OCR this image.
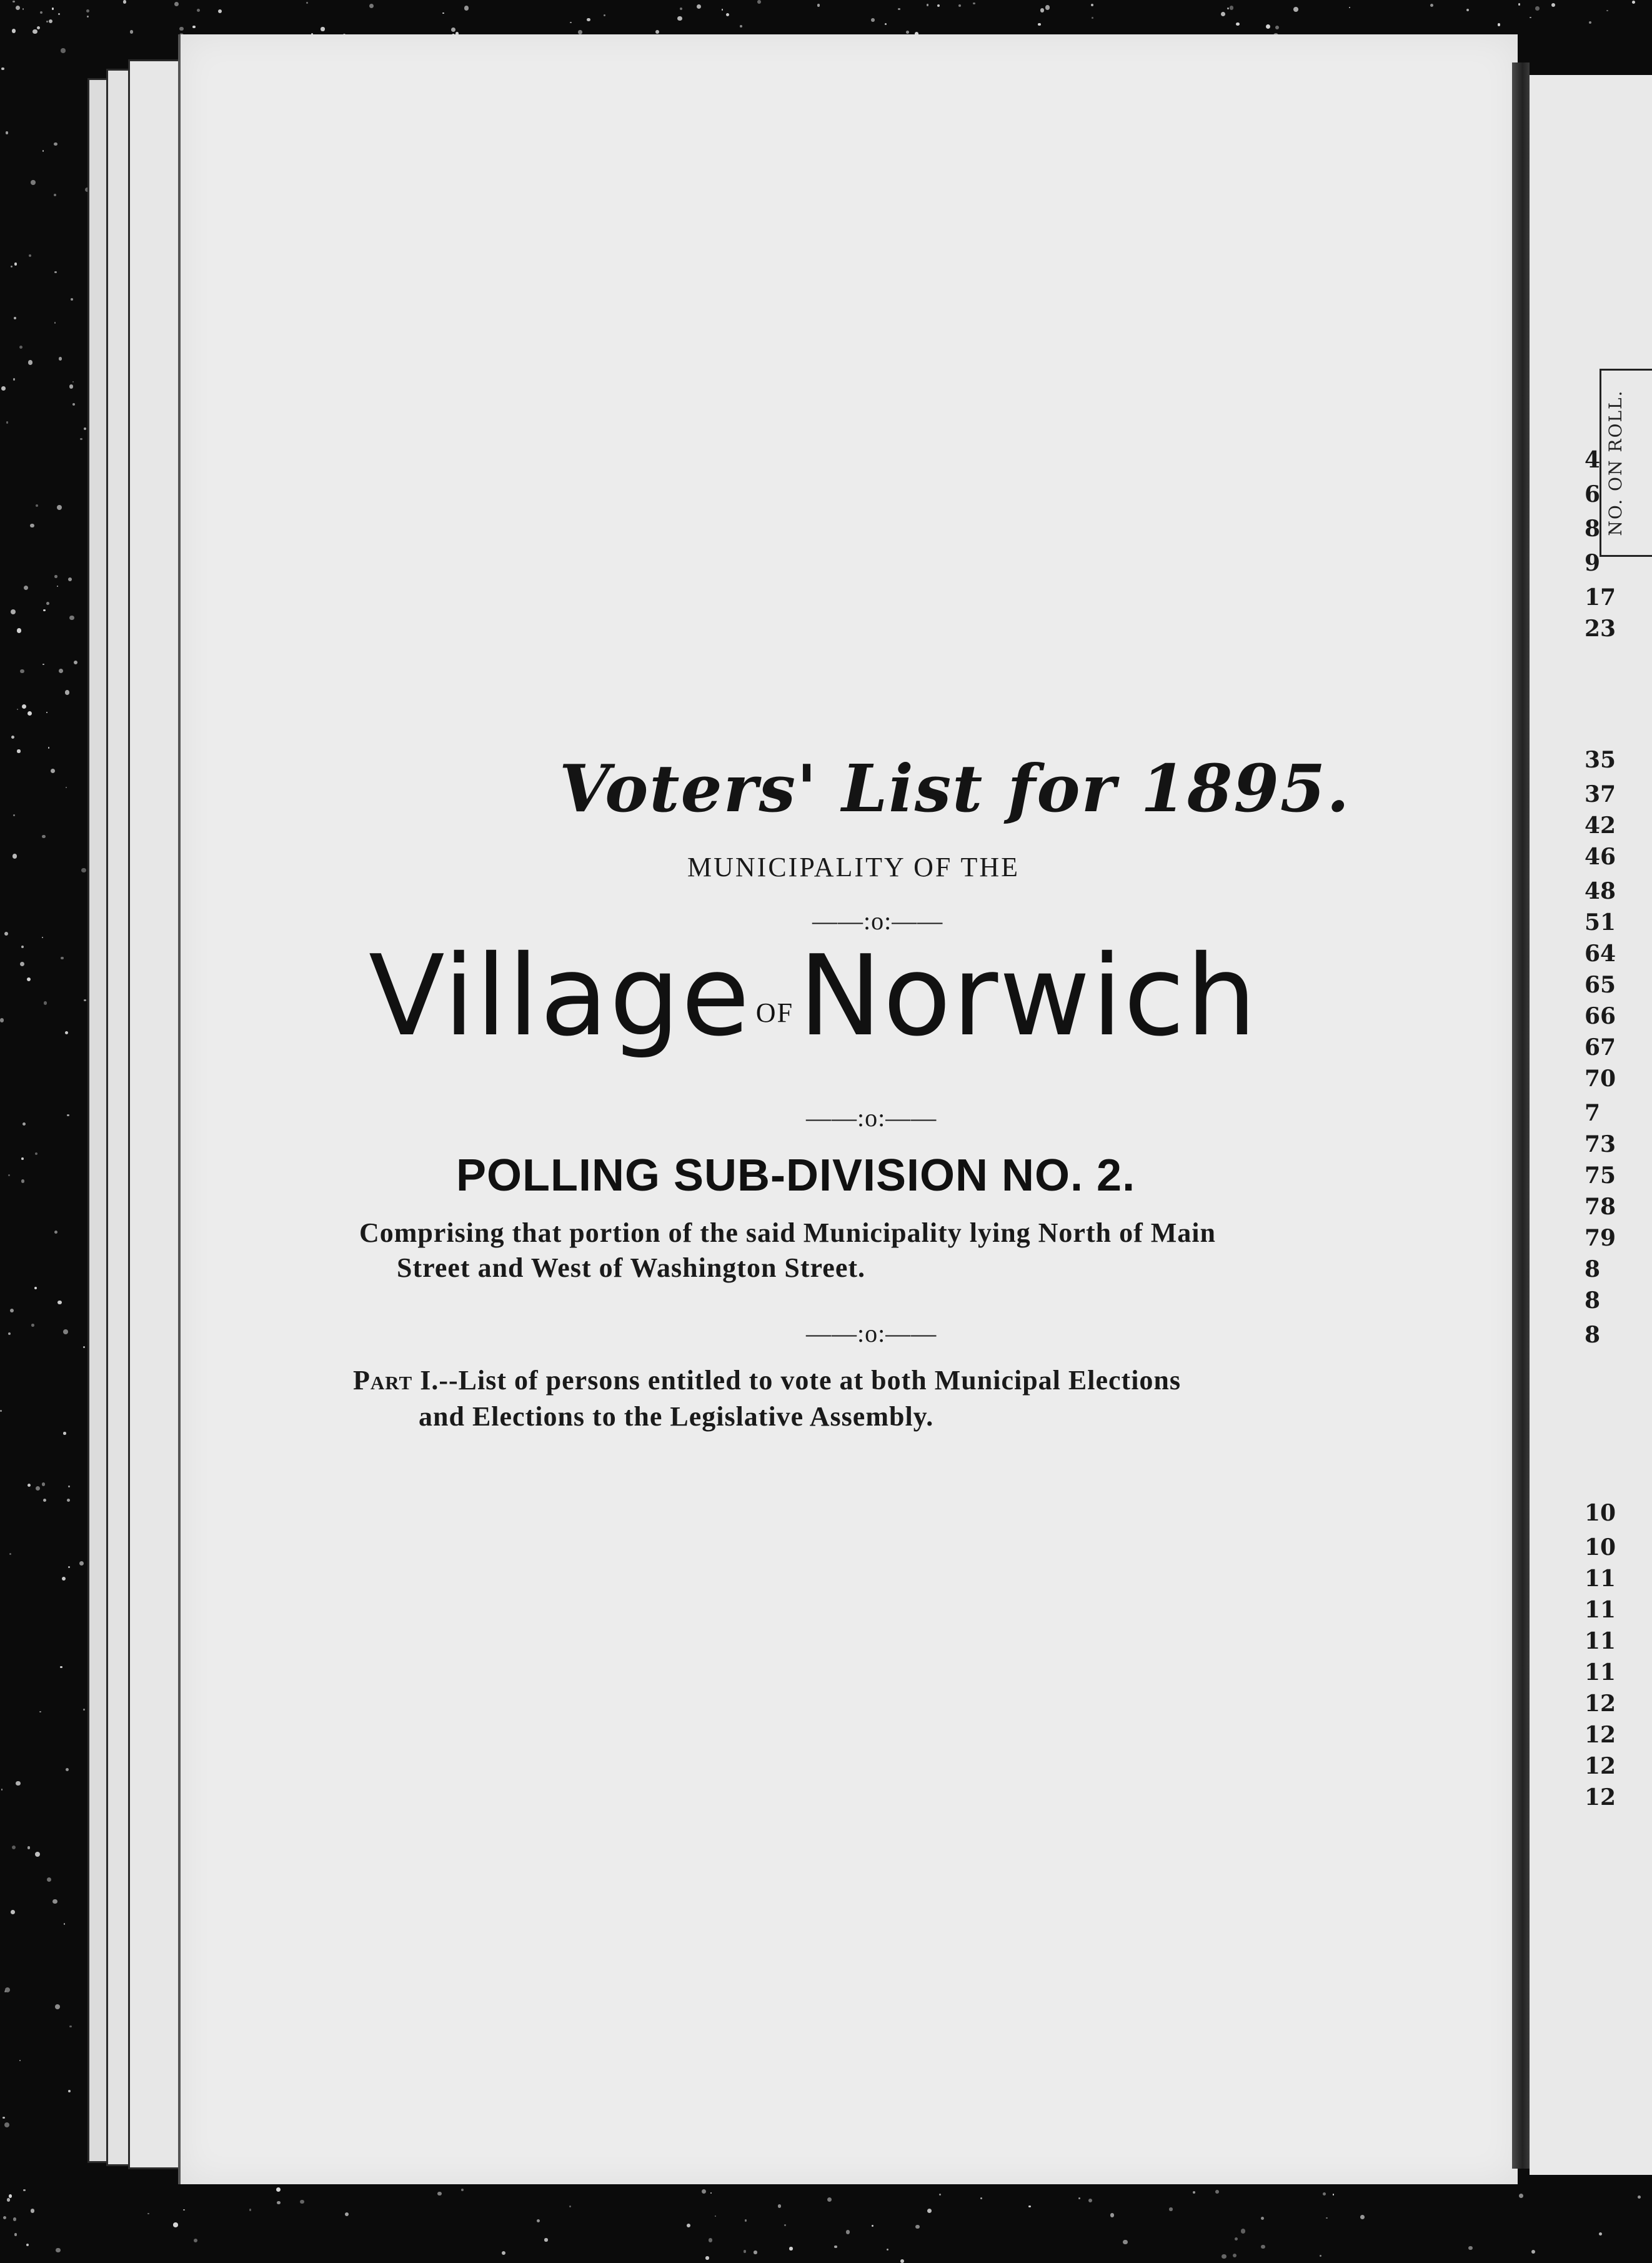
Voters' List for 1895.
MUNICIPALITY OF THE
——:o:——
Village OFNorwich
——:o:——
POLLING SUB-DIVISION NO. 2.
Comprising that portion of the said Municipality lying North of Main
Street and West of Washington Street.
——:o:——
Part I.--List of persons entitled to vote at both Municipal Elections
and Elections to the Legislative Assembly.
NO. ON ROLL.
4
6
8
9
17
23
35
37
42
46
48
51
64
65
66
67
70
7
73
75
78
79
8
8
8
10
10
11
11
11
11
12
12
12
12
